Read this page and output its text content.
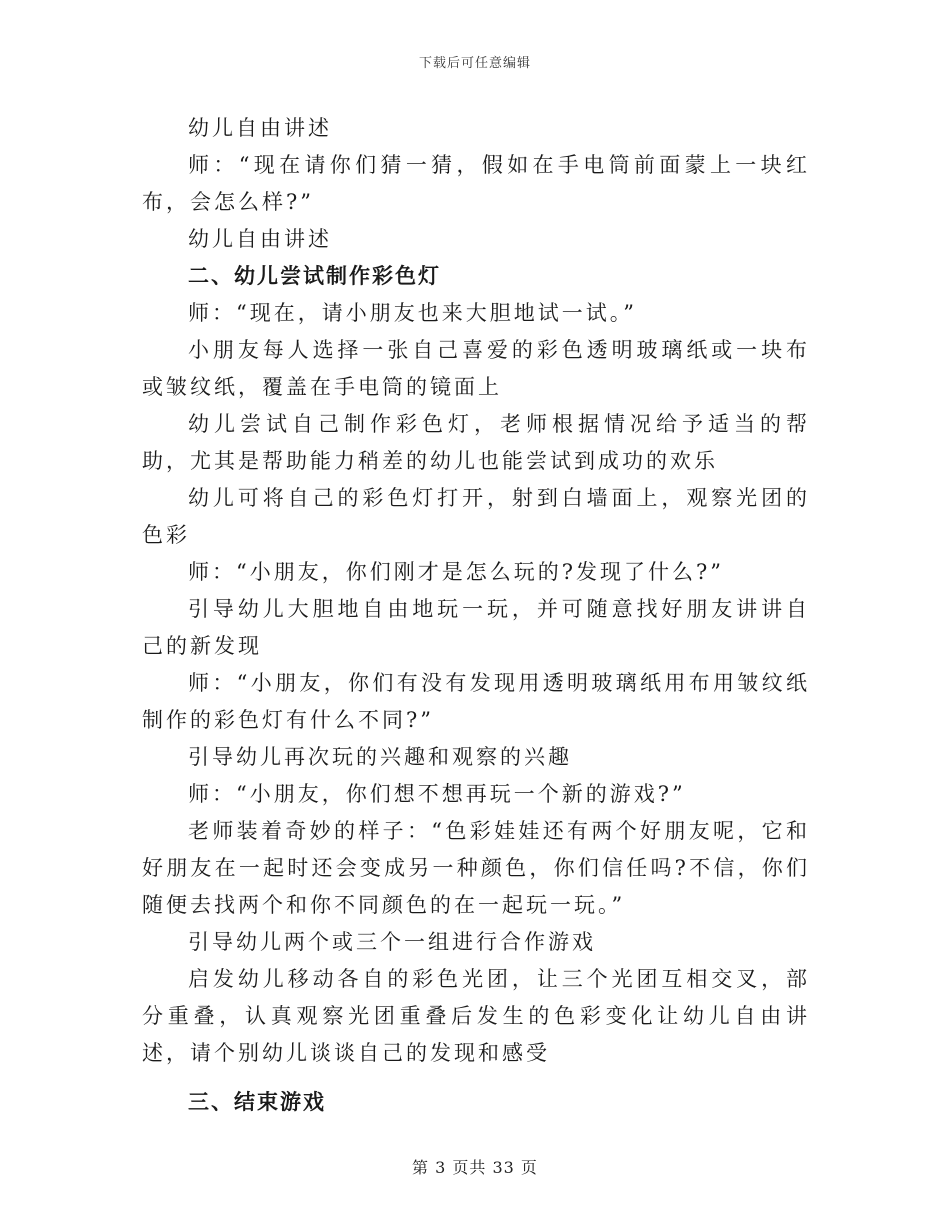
下载后可任意编辑

幼儿自由讲述

师：“现在请你们猜一猜，假如在手电筒前面蒙上一块红布，会怎么样?”

幼儿自由讲述

二、幼儿尝试制作彩色灯

师：“现在，请小朋友也来大胆地试一试。”

小朋友每人选择一张自己喜爱的彩色透明玻璃纸或一块布或皱纹纸，覆盖在手电筒的镜面上

幼儿尝试自己制作彩色灯，老师根据情况给予适当的帮助，尤其是帮助能力稍差的幼儿也能尝试到成功的欢乐

幼儿可将自己的彩色灯打开，射到白墙面上，观察光团的色彩

师：“小朋友，你们刚才是怎么玩的?发现了什么?”

引导幼儿大胆地自由地玩一玩，并可随意找好朋友讲讲自己的新发现

师：“小朋友，你们有没有发现用透明玻璃纸用布用皱纹纸制作的彩色灯有什么不同?”

引导幼儿再次玩的兴趣和观察的兴趣

师：“小朋友，你们想不想再玩一个新的游戏?”

老师装着奇妙的样子：“色彩娃娃还有两个好朋友呢，它和好朋友在一起时还会变成另一种颜色，你们信任吗?不信，你们随便去找两个和你不同颜色的在一起玩一玩。”

引导幼儿两个或三个一组进行合作游戏

启发幼儿移动各自的彩色光团，让三个光团互相交叉，部分重叠，认真观察光团重叠后发生的色彩变化让幼儿自由讲述，请个别幼儿谈谈自己的发现和感受

三、结束游戏

第 3 页共 33 页
